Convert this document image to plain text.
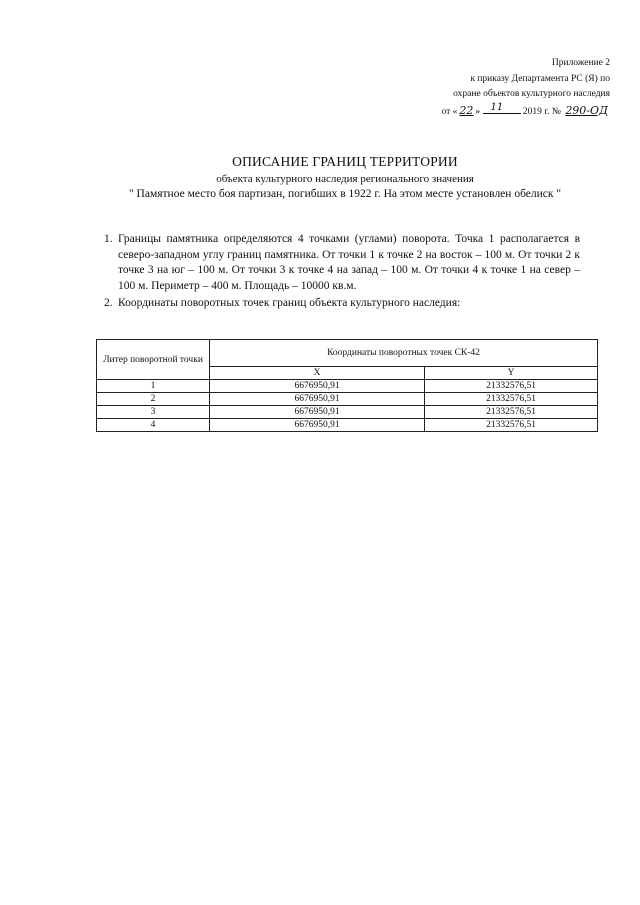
Приложение 2
к приказу Департамента РС (Я) по
охране объектов культурного наследия
от « 22 » 11 2019 г. № 290-ОД
ОПИСАНИЕ ГРАНИЦ ТЕРРИТОРИИ
объекта культурного наследия регионального значения
" Памятное место боя партизан, погибших в 1922 г. На этом месте установлен обелиск "
1. Границы памятника определяются 4 точками (углами) поворота. Точка 1 располагается в северо-западном углу границ памятника. От точки 1 к точке 2 на восток – 100 м. От точки 2 к точке 3 на юг – 100 м. От точки 3 к точке 4 на запад – 100 м. От точки 4 к точке 1 на север – 100 м. Периметр – 400 м. Площадь – 10000 кв.м.
2. Координаты поворотных точек границ объекта культурного наследия:
Литер поворотной точки	Координаты поворотных точек СК-42	
	X	Y
1	6676950,91	21332576,51
2	6676950,91	21332576,51
3	6676950,91	21332576,51
4	6676950,91	21332576,51
